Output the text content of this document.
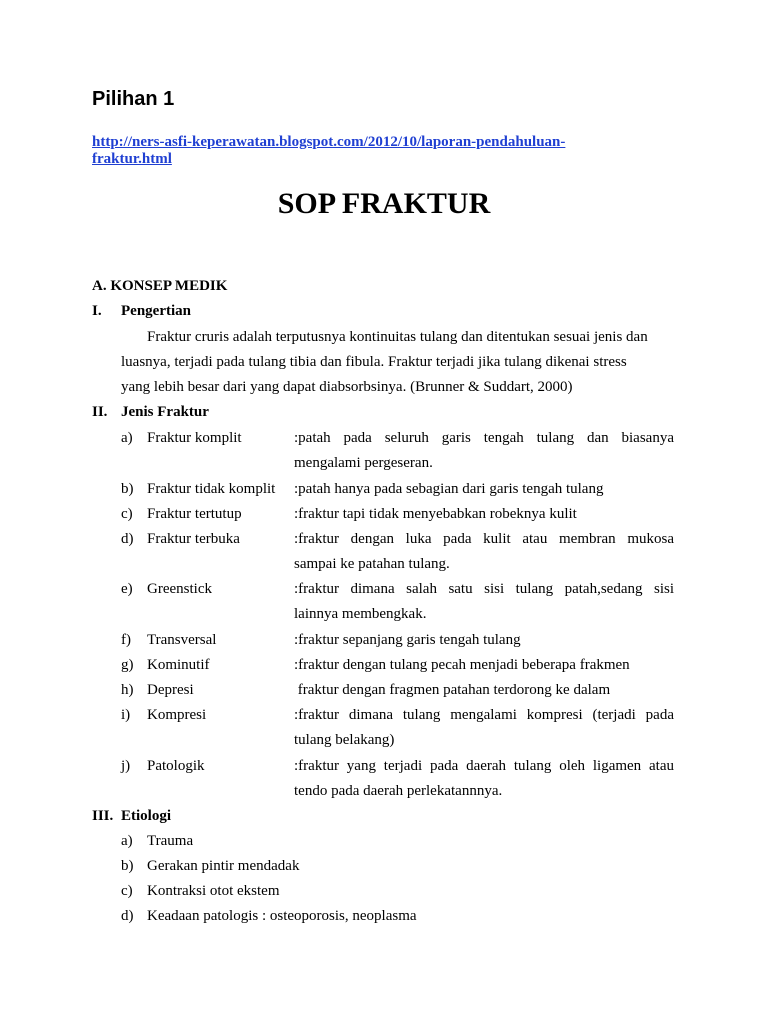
Pilihan 1
http://ners-asfi-keperawatan.blogspot.com/2012/10/laporan-pendahuluan-
fraktur.html
SOP FRAKTUR
A. KONSEP MEDIK
I. Pengertian
Fraktur cruris adalah terputusnya kontinuitas tulang dan ditentukan sesuai jenis dan
luasnya, terjadi pada tulang tibia dan fibula. Fraktur terjadi jika tulang dikenai stress
yang lebih besar dari yang dapat diabsorbsinya. (Brunner & Suddart, 2000)
II. Jenis Fraktur
a) Fraktur komplit	:patah pada seluruh garis tengah tulang dan biasanya
mengalami pergeseran.
b) Fraktur tidak komplit :patah hanya pada sebagian dari garis tengah tulang
c) Fraktur tertutup	:fraktur tapi tidak menyebabkan robeknya kulit
d) Fraktur terbuka	:fraktur dengan luka pada kulit atau membran mukosa
sampai ke patahan tulang.
e) Greenstick	:fraktur dimana salah satu sisi tulang patah,sedang sisi
lainnya membengkak.
f) Transversal	:fraktur sepanjang garis tengah tulang
g) Kominutif	:fraktur dengan tulang pecah menjadi beberapa frakmen
h) Depresi	fraktur dengan fragmen patahan terdorong ke dalam
i) Kompresi	:fraktur dimana tulang mengalami kompresi (terjadi pada
tulang belakang)
j) Patologik	:fraktur yang terjadi pada daerah tulang oleh ligamen atau
tendo pada daerah perlekatannnya.
III. Etiologi
a) Trauma
b) Gerakan pintir mendadak
c) Kontraksi otot ekstem
d) Keadaan patologis : osteoporosis, neoplasma
